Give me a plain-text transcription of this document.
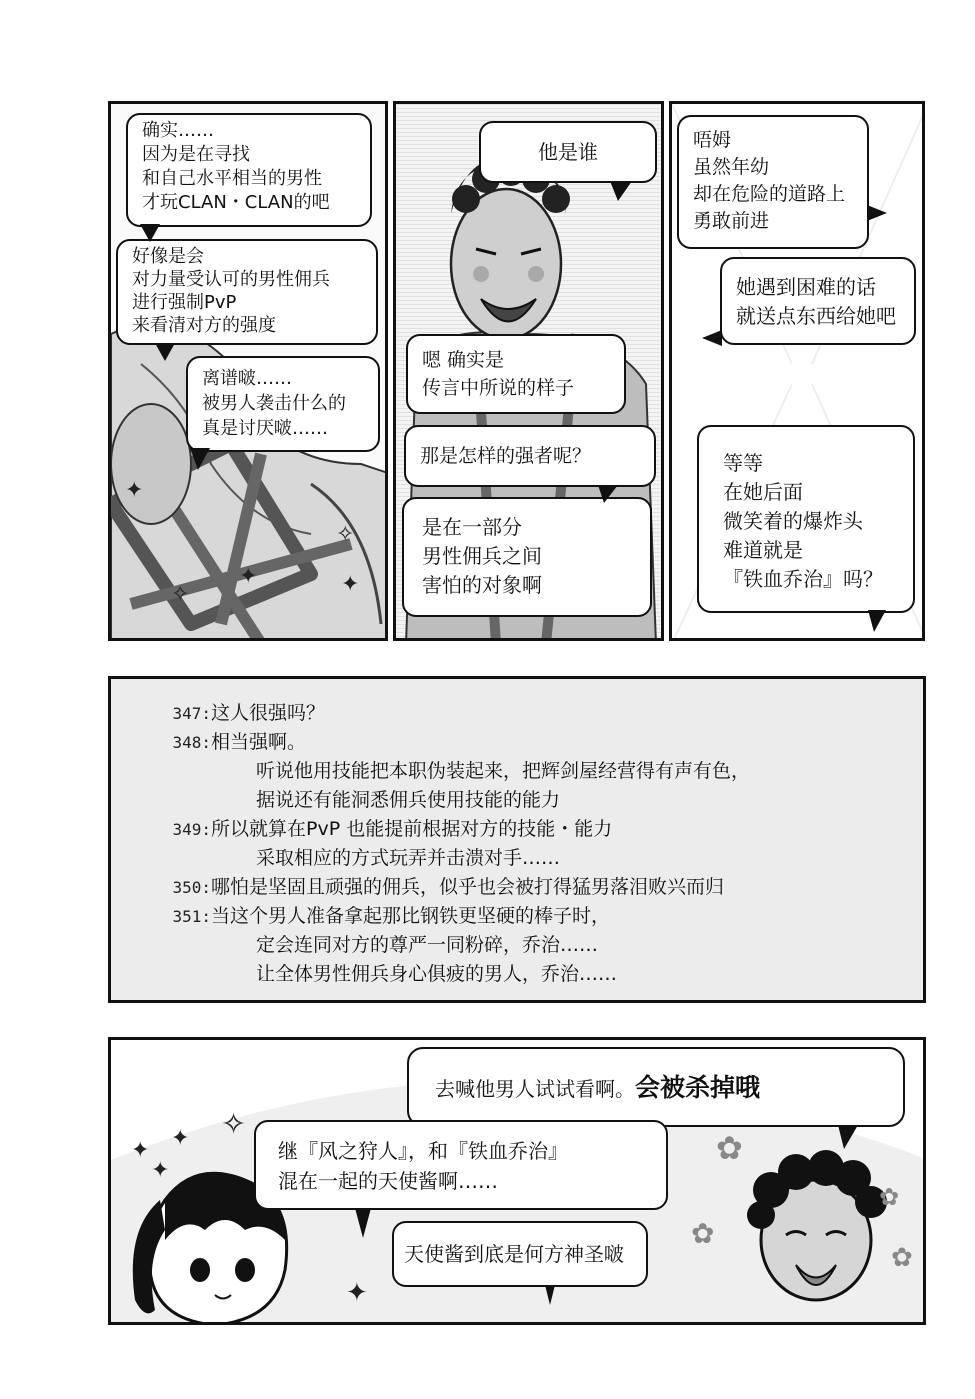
✦
✦
✧
✦
✧
确实……
因为是在寻找
和自己水平相当的男性
才玩CLAN・CLAN的吧
好像是会
对力量受认可的男性佣兵
进行强制PvP
来看清对方的强度
离谱啵……
被男人袭击什么的
真是讨厌啵……
他是谁
嗯 确实是
传言中所说的样子
那是怎样的强者呢？
是在一部分
男性佣兵之间
害怕的对象啊
唔姆
虽然年幼
却在危险的道路上
勇敢前进
她遇到困难的话
就送点东西给她吧
等等
在她后面
微笑着的爆炸头
难道就是
『铁血乔治』吗？
347:这人很强吗？
348:相当强啊。
听说他用技能把本职伪装起来，把辉剑屋经营得有声有色，
据说还有能洞悉佣兵使用技能的能力
349:所以就算在PvP 也能提前根据对方的技能・能力
采取相应的方式玩弄并击溃对手……
350:哪怕是坚固且顽强的佣兵，似乎也会被打得猛男落泪败兴而归
351:当这个男人准备拿起那比钢铁更坚硬的棒子时，
定会连同对方的尊严一同粉碎，乔治……
让全体男性佣兵身心俱疲的男人，乔治……
✦ ✦ ✧
✦
✦
✿
✿
✿
✿
去喊他男人试试看啊。会被杀掉哦
继『风之狩人』，和『铁血乔治』
混在一起的天使酱啊……
天使酱到底是何方神圣啵
